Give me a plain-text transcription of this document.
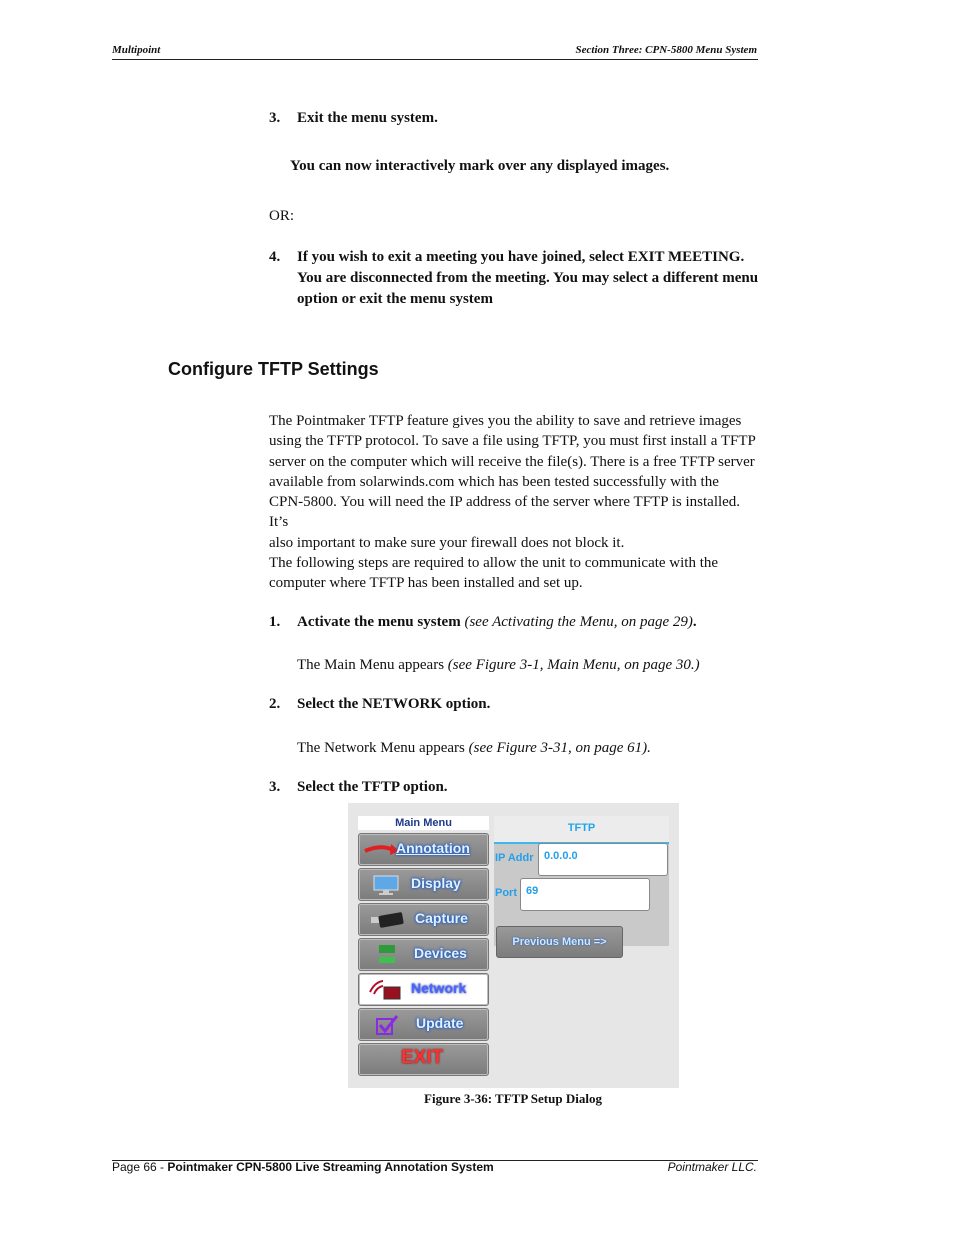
Multipoint	Section Three: CPN-5800 Menu System
3. Exit the menu system.
You can now interactively mark over any displayed images.
OR:
4. If you wish to exit a meeting you have joined, select EXIT MEETING.
You are disconnected from the meeting. You may select a different menu
option or exit the menu system
Configure TFTP Settings
The Pointmaker TFTP feature gives you the ability to save and retrieve images
using the TFTP protocol. To save a file using TFTP, you must first install a TFTP
server on the computer which will receive the file(s). There is a free TFTP server
available from solarwinds.com which has been tested successfully with the
CPN-5800. You will need the IP address of the server where TFTP is installed. It’s
also important to make sure your firewall does not block it.
The following steps are required to allow the unit to communicate with the
computer where TFTP has been installed and set up.
1. Activate the menu system (see Activating the Menu, on page 29).
The Main Menu appears (see Figure 3-1, Main Menu, on page 30.)
2. Select the NETWORK option.
The Network Menu appears (see Figure 3-31, on page 61).
3. Select the TFTP option.
Main Menu
Annotation
Display
Capture
Devices
Network
Update
EXIT
TFTP
IP Addr 0.0.0.0
Port 69
Previous Menu =>
Figure 3-36: TFTP Setup Dialog
Page 66 - Pointmaker CPN-5800 Live Streaming Annotation System	Pointmaker LLC.
